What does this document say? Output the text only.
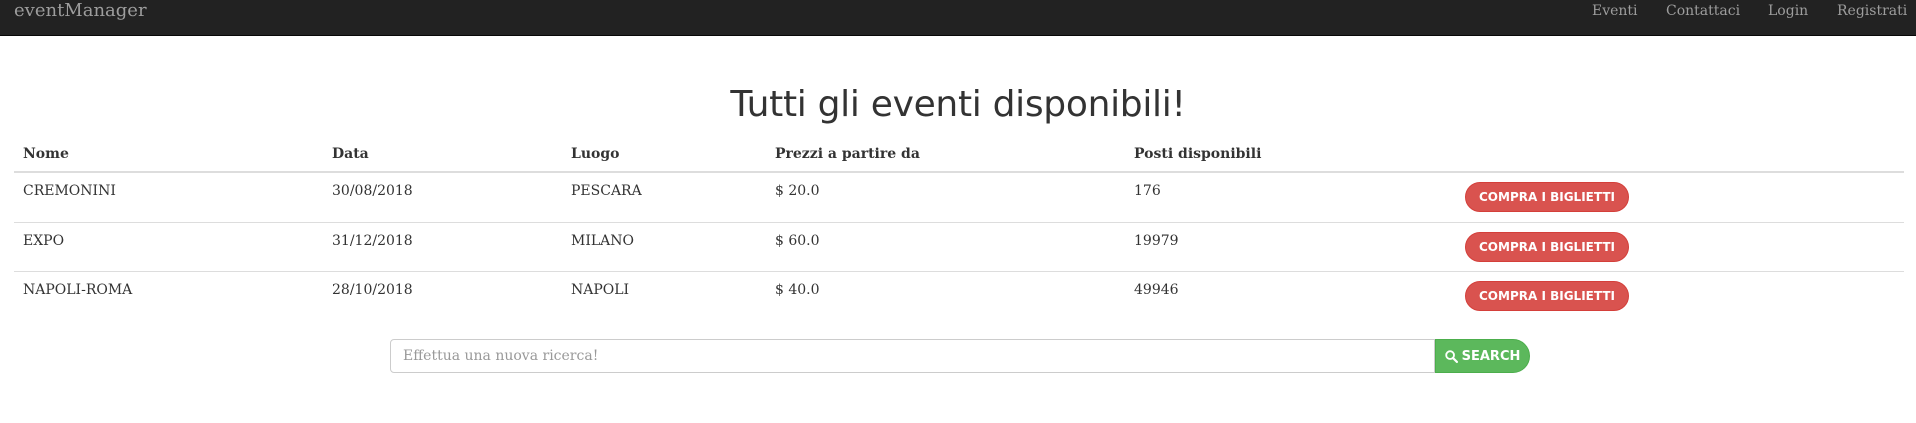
eventManager	Eventi Contattaci Login Registrati
Tutti gli eventi disponibili!
Nome	Data	Luogo	Prezzi a partire da	Posti disponibili
CREMONINI	30/08/2018	PESCARA	$ 20.0	176	COMPRA I BIGLIETTI
EXPO	31/12/2018	MILANO	$ 60.0	19979	COMPRA I BIGLIETTI
NAPOLI-ROMA	28/10/2018	NAPOLI	$ 40.0	49946	COMPRA I BIGLIETTI
Effettua una nuova ricerca!
SEARCH
